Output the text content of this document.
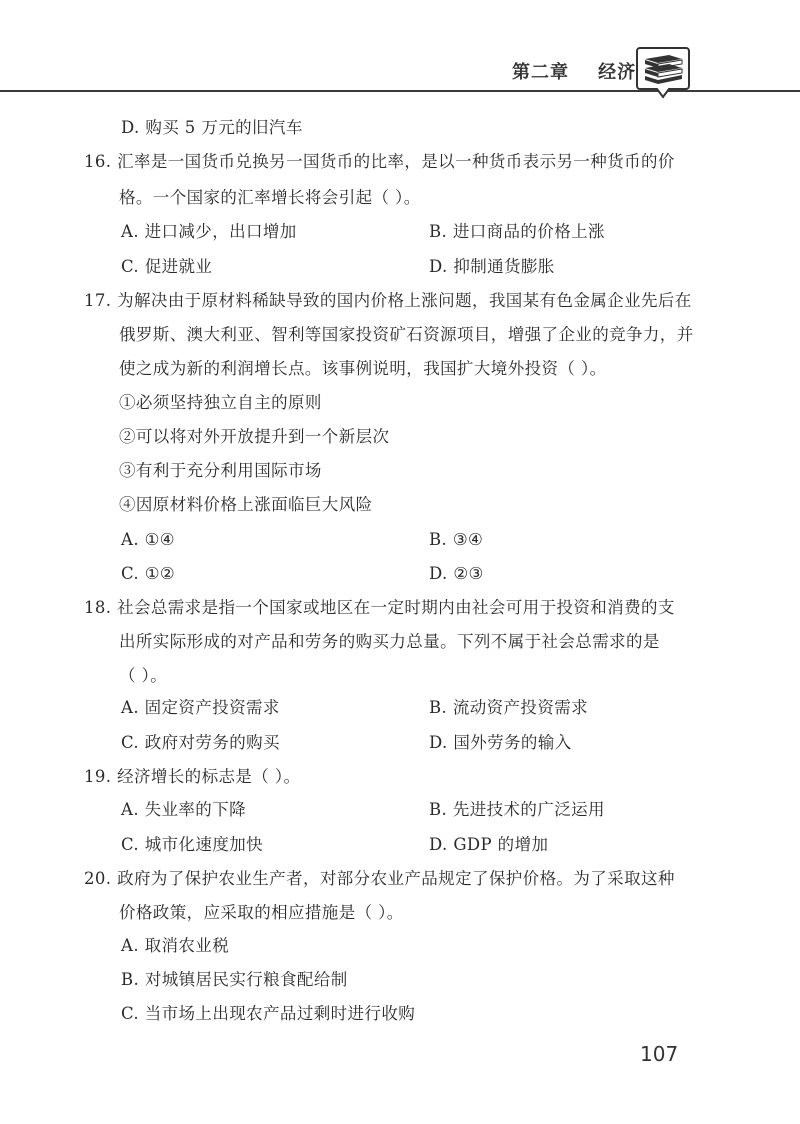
第二章    经济
D. 购买 5 万元的旧汽车
16. 汇率是一国货币兑换另一国货币的比率，是以一种货币表示另一种货币的价
格。一个国家的汇率增长将会引起（ ）。
A. 进口减少，出口增加	B. 进口商品的价格上涨
C. 促进就业	D. 抑制通货膨胀
17. 为解决由于原材料稀缺导致的国内价格上涨问题，我国某有色金属企业先后在
俄罗斯、澳大利亚、智利等国家投资矿石资源项目，增强了企业的竞争力，并
使之成为新的利润增长点。该事例说明，我国扩大境外投资（ ）。
①必须坚持独立自主的原则
②可以将对外开放提升到一个新层次
③有利于充分利用国际市场
④因原材料价格上涨面临巨大风险
A. ①④	B. ③④
C. ①②	D. ②③
18. 社会总需求是指一个国家或地区在一定时期内由社会可用于投资和消费的支
出所实际形成的对产品和劳务的购买力总量。下列不属于社会总需求的是
（ ）。
A. 固定资产投资需求	B. 流动资产投资需求
C. 政府对劳务的购买	D. 国外劳务的输入
19. 经济增长的标志是（ ）。
A. 失业率的下降	B. 先进技术的广泛运用
C. 城市化速度加快	D. GDP 的增加
20. 政府为了保护农业生产者，对部分农业产品规定了保护价格。为了采取这种
价格政策，应采取的相应措施是（ ）。
A. 取消农业税
B. 对城镇居民实行粮食配给制
C. 当市场上出现农产品过剩时进行收购
107
